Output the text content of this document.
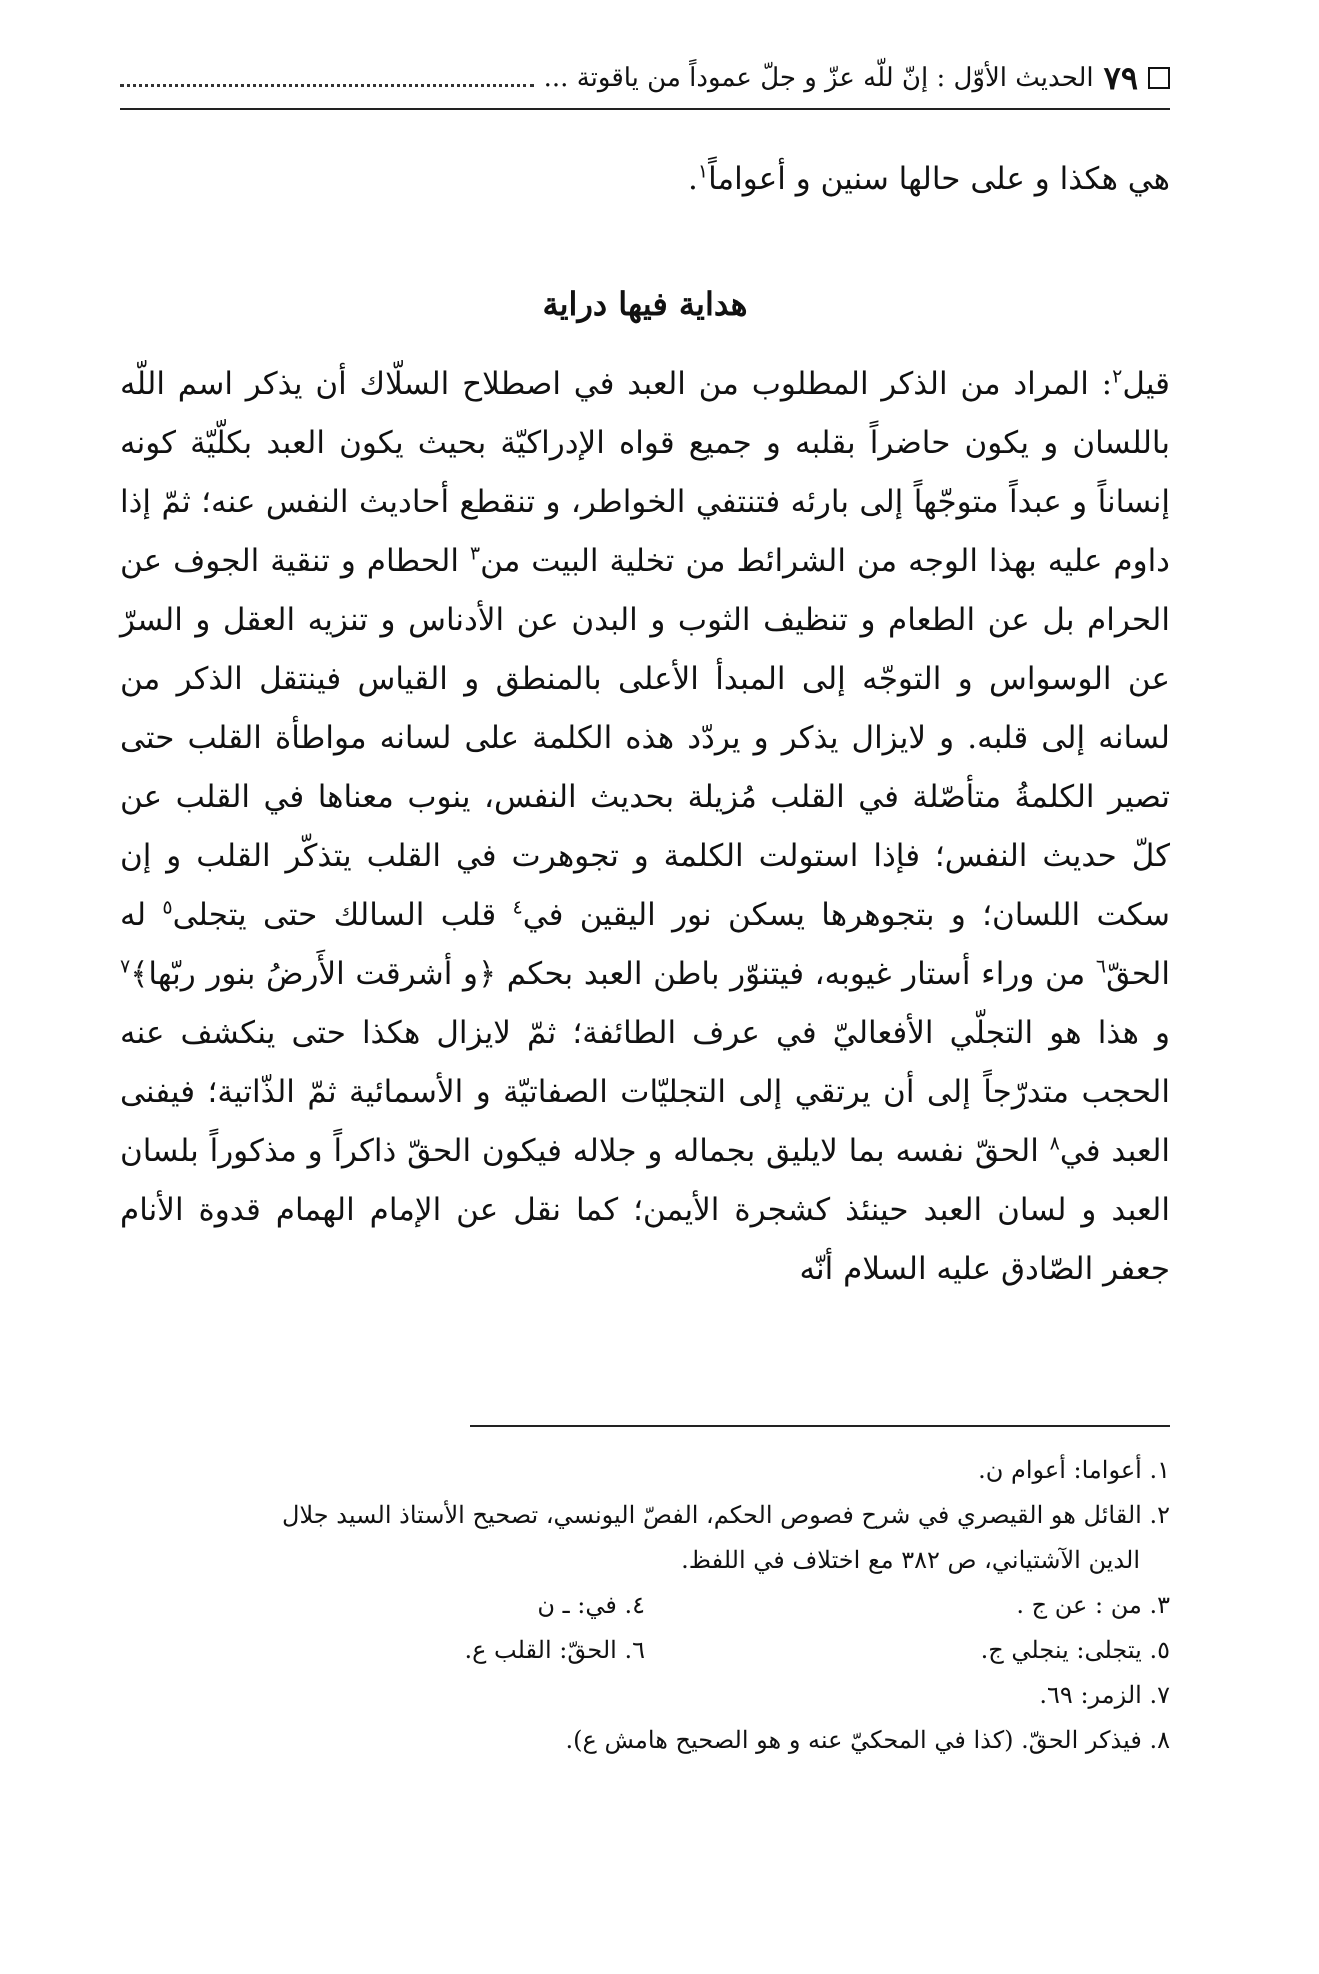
٧٩
الحديث الأوّل : إنّ للّه عزّ و جلّ عموداً من ياقوتة ...
هي هكذا و على حالها سنين و أعواماً$^١$.
هداية فيها دراية
قيل$^٢$: المراد من الذكر المطلوب من العبد في اصطلاح السلّاك أن يذكر اسم اللّه باللسان و يكون حاضراً بقلبه و جميع قواه الإدراكيّة بحيث يكون العبد بكلّيّة كونه إنساناً و عبداً متوجّهاً إلى بارئه فتنتفي الخواطر، و تنقطع أحاديث النفس عنه؛ ثمّ إذا داوم عليه بهذا الوجه من الشرائط من تخلية البيت من$^٣$ الحطام و تنقية الجوف عن الحرام بل عن الطعام و تنظيف الثوب و البدن عن الأدناس و تنزيه العقل و السرّ عن الوسواس و التوجّه إلى المبدأ الأعلى بالمنطق و القياس فينتقل الذكر من لسانه إلى قلبه. و لايزال يذكر و يردّد هذه الكلمة على لسانه مواطأة القلب حتى تصير الكلمةُ متأصّلة في القلب مُزيلة بحديث النفس، ينوب معناها في القلب عن كلّ حديث النفس؛ فإذا استولت الكلمة و تجوهرت في القلب يتذكّر القلب و إن سكت اللسان؛ و بتجوهرها يسكن نور اليقين في$^٤$ قلب السالك حتى يتجلى$^٥$ له الحقّ$^٦$ من وراء أستار غيوبه، فيتنوّر باطن العبد بحكم ﴿و أشرقت الأَرضُ بنور ربّها﴾$^٧$ و هذا هو التجلّي الأفعاليّ في عرف الطائفة؛ ثمّ لايزال هكذا حتى ينكشف عنه الحجب متدرّجاً إلى أن يرتقي إلى التجليّات الصفاتيّة و الأسمائية ثمّ الذّاتية؛ فيفنى العبد في$^٨$ الحقّ نفسه بما لايليق بجماله و جلاله فيكون الحقّ ذاكراً و مذكوراً بلسان العبد و لسان العبد حينئذ كشجرة الأيمن؛ كما نقل عن الإمام الهمام قدوة الأنام جعفر الصّادق عليه السلام أنّه
١. أعواما: أعوام ن.
٢. القائل هو القيصري في شرح فصوص الحكم، الفصّ اليونسي، تصحيح الأستاذ السيد جلال
الدين الآشتياني، ص ٣٨٢ مع اختلاف في اللفظ.
٣. من : عن ج .
٤. في: ـ ن
٥. يتجلى: ينجلي ج.
٦. الحقّ: القلب ع.
٧. الزمر: ٦٩.
٨. فيذكر الحقّ. (كذا في المحكيّ عنه و هو الصحيح هامش ع).
